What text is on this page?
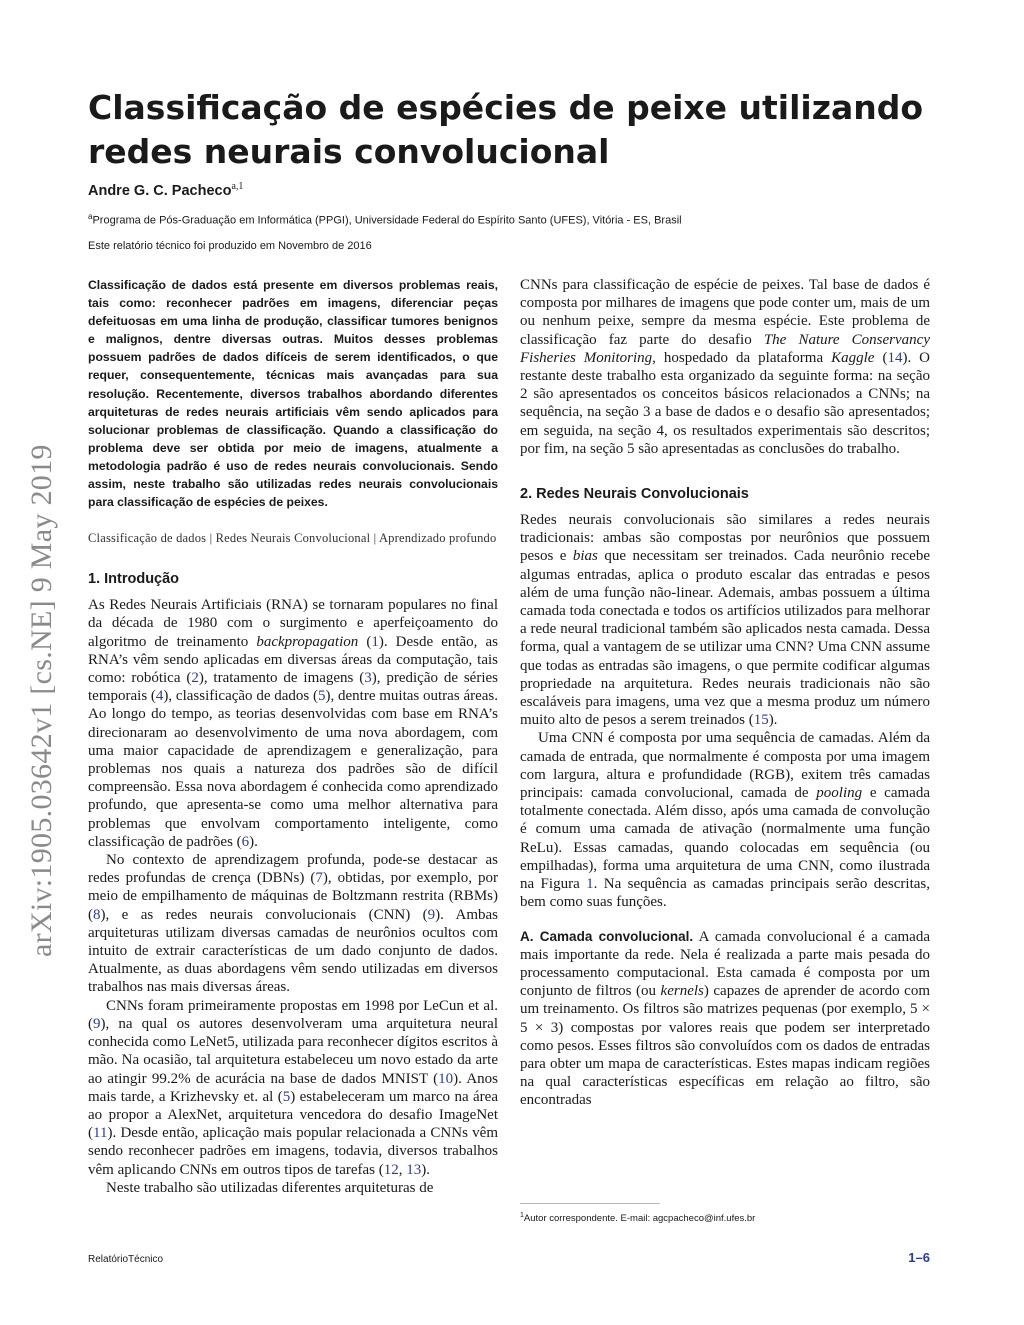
arXiv:1905.03642v1 [cs.NE] 9 May 2019
Classificação de espécies de peixe utilizando redes neurais convolucional
Andre G. C. Pacheco$^{a,1}$
$^a$Programa de Pós-Graduação em Informática (PPGI), Universidade Federal do Espírito Santo (UFES), Vitória - ES, Brasil
Este relatório técnico foi produzido em Novembro de 2016

Classificação de dados está presente em diversos problemas reais, tais como: reconhecer padrões em imagens, diferenciar peças defeituosas em uma linha de produção, classificar tumores benignos e malignos, dentre diversas outras. Muitos desses problemas possuem padrões de dados difíceis de serem identificados, o que requer, consequentemente, técnicas mais avançadas para sua resolução. Recentemente, diversos trabalhos abordando diferentes arquiteturas de redes neurais artificiais vêm sendo aplicados para solucionar problemas de classificação. Quando a classificação do problema deve ser obtida por meio de imagens, atualmente a metodologia padrão é uso de redes neurais convolucionais. Sendo assim, neste trabalho são utilizadas redes neurais convolucionais para classificação de espécies de peixes.

Classificação de dados | Redes Neurais Convolucional | Aprendizado profundo

1. Introdução

As Redes Neurais Artificiais (RNA) se tornaram populares no final da década de 1980 com o surgimento e aperfeiçoamento do algoritmo de treinamento backpropagation (1). Desde então, as RNA’s vêm sendo aplicadas em diversas áreas da computação, tais como: robótica (2), tratamento de imagens (3), predição de séries temporais (4), classificação de dados (5), dentre muitas outras áreas. Ao longo do tempo, as teorias desenvolvidas com base em RNA’s direcionaram ao desenvolvimento de uma nova abordagem, com uma maior capacidade de aprendizagem e generalização, para problemas nos quais a natureza dos padrões são de difícil compreensão. Essa nova abordagem é conhecida como aprendizado profundo, que apresenta-se como uma melhor alternativa para problemas que envolvam comportamento inteligente, como classificação de padrões (6).

No contexto de aprendizagem profunda, pode-se destacar as redes profundas de crença (DBNs) (7), obtidas, por exemplo, por meio de empilhamento de máquinas de Boltzmann restrita (RBMs) (8), e as redes neurais convolucionais (CNN) (9). Ambas arquiteturas utilizam diversas camadas de neurônios ocultos com intuito de extrair características de um dado conjunto de dados. Atualmente, as duas abordagens vêm sendo utilizadas em diversos trabalhos nas mais diversas áreas.

CNNs foram primeiramente propostas em 1998 por LeCun et al. (9), na qual os autores desenvolveram uma arquitetura neural conhecida como LeNet5, utilizada para reconhecer dígitos escritos à mão. Na ocasião, tal arquitetura estabeleceu um novo estado da arte ao atingir 99.2% de acurácia na base de dados MNIST (10). Anos mais tarde, a Krizhevsky et. al (5) estabeleceram um marco na área ao propor a AlexNet, arquitetura vencedora do desafio ImageNet (11). Desde então, aplicação mais popular relacionada a CNNs vêm sendo reconhecer padrões em imagens, todavia, diversos trabalhos vêm aplicando CNNs em outros tipos de tarefas (12, 13).

Neste trabalho são utilizadas diferentes arquiteturas de

CNNs para classificação de espécie de peixes. Tal base de dados é composta por milhares de imagens que pode conter um, mais de um ou nenhum peixe, sempre da mesma espécie. Este problema de classificação faz parte do desafio The Nature Conservancy Fisheries Monitoring, hospedado da plataforma Kaggle (14). O restante deste trabalho esta organizado da seguinte forma: na seção 2 são apresentados os conceitos básicos relacionados a CNNs; na sequência, na seção 3 a base de dados e o desafio são apresentados; em seguida, na seção 4, os resultados experimentais são descritos; por fim, na seção 5 são apresentadas as conclusões do trabalho.

2. Redes Neurais Convolucionais

Redes neurais convolucionais são similares a redes neurais tradicionais: ambas são compostas por neurônios que possuem pesos e bias que necessitam ser treinados. Cada neurônio recebe algumas entradas, aplica o produto escalar das entradas e pesos além de uma função não-linear. Ademais, ambas possuem a última camada toda conectada e todos os artifícios utilizados para melhorar a rede neural tradicional também são aplicados nesta camada. Dessa forma, qual a vantagem de se utilizar uma CNN? Uma CNN assume que todas as entradas são imagens, o que permite codificar algumas propriedade na arquitetura. Redes neurais tradicionais não são escaláveis para imagens, uma vez que a mesma produz um número muito alto de pesos a serem treinados (15).

Uma CNN é composta por uma sequência de camadas. Além da camada de entrada, que normalmente é composta por uma imagem com largura, altura e profundidade (RGB), exitem três camadas principais: camada convolucional, camada de pooling e camada totalmente conectada. Além disso, após uma camada de convolução é comum uma camada de ativação (normalmente uma função ReLu). Essas camadas, quando colocadas em sequência (ou empilhadas), forma uma arquitetura de uma CNN, como ilustrada na Figura 1. Na sequência as camadas principais serão descritas, bem como suas funções.

A. Camada convolucional. A camada convolucional é a camada mais importante da rede. Nela é realizada a parte mais pesada do processamento computacional. Esta camada é composta por um conjunto de filtros (ou kernels) capazes de aprender de acordo com um treinamento. Os filtros são matrizes pequenas (por exemplo, 5 × 5 × 3) compostas por valores reais que podem ser interpretado como pesos. Esses filtros são convoluídos com os dados de entradas para obter um mapa de características. Estes mapas indicam regiões na qual características específicas em relação ao filtro, são encontradas

$^1$Autor correspondente. E-mail: agcpacheco@inf.ufes.br
RelatórioTécnico	1–6
